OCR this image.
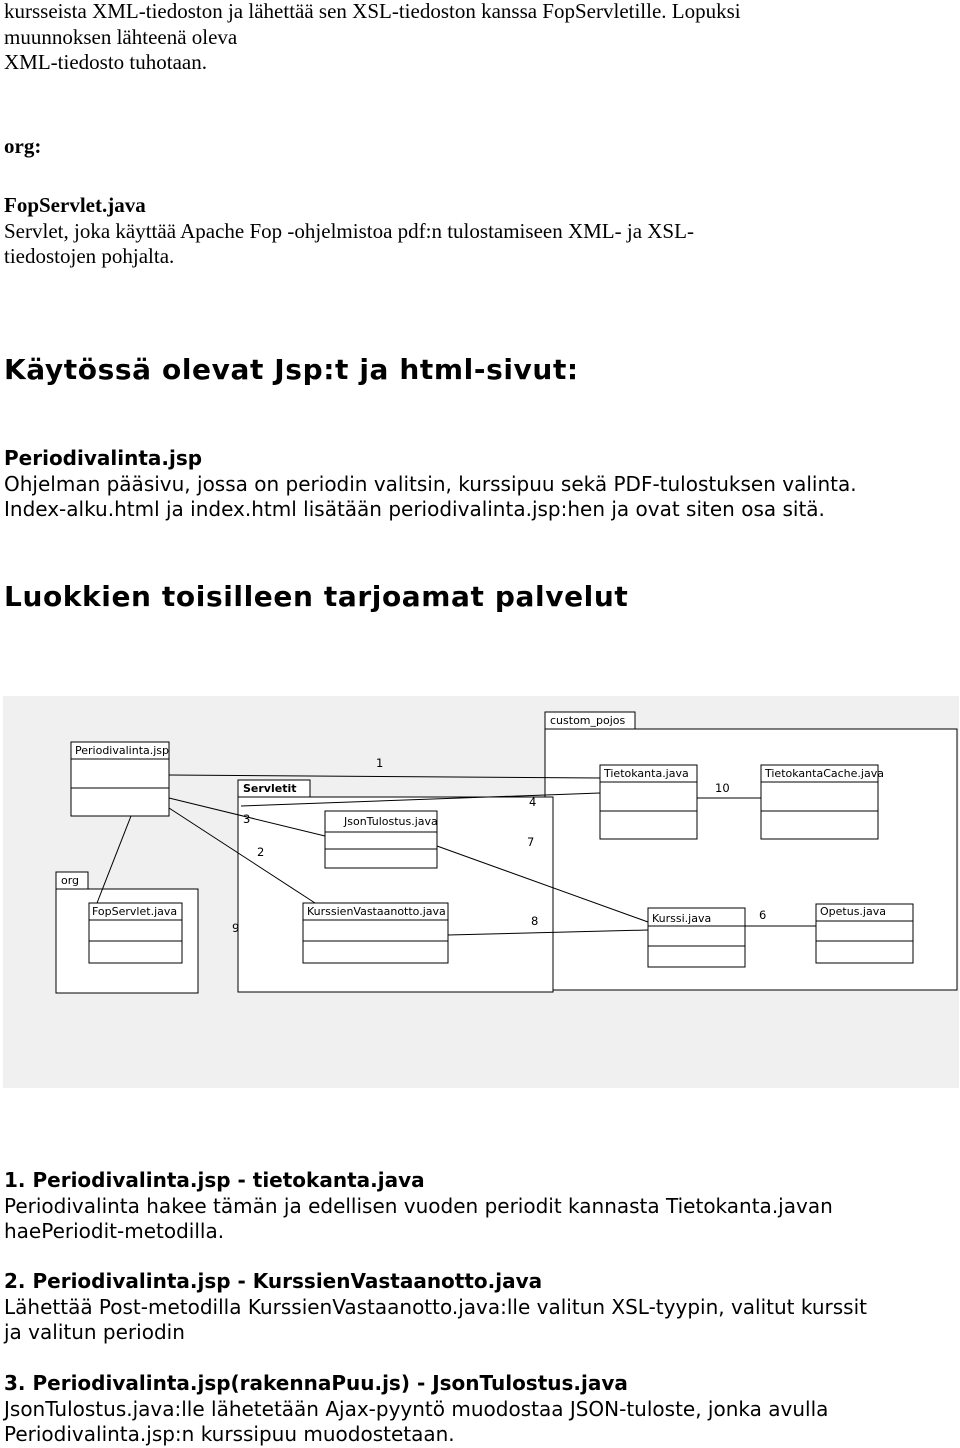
kursseista XML-tiedoston ja lähettää sen XSL-tiedoston kanssa FopServletille. Lopuksi
muunnoksen lähteenä oleva
XML-tiedosto tuhotaan.
org:
FopServlet.java
Servlet, joka käyttää Apache Fop -ohjelmistoa pdf:n tulostamiseen XML- ja XSL-
tiedostojen pohjalta.
Käytössä olevat Jsp:t ja html-sivut:
Periodivalinta.jsp
Ohjelman pääsivu, jossa on periodin valitsin, kurssipuu sekä PDF-tulostuksen valinta.
Index-alku.html ja index.html lisätään periodivalinta.jsp:hen ja ovat siten osa sitä.
Luokkien toisilleen tarjoamat palvelut
custom_pojos
Servletit
org
Periodivalinta.jsp
Tietokanta.java	TietokantaCache.java
JsonTulostus.java
FopServlet.java	KurssienVastaanotto.java
Kurssi.java
Opetus.java
1
2
3
4
6
7
8
9
10
1. Periodivalinta.jsp - tietokanta.java
Periodivalinta hakee tämän ja edellisen vuoden periodit kannasta Tietokanta.javan
haePeriodit-metodilla.
2. Periodivalinta.jsp - KurssienVastaanotto.java
Lähettää Post-metodilla KurssienVastaanotto.java:lle valitun XSL-tyypin, valitut kurssit
ja valitun periodin
3. Periodivalinta.jsp(rakennaPuu.js) - JsonTulostus.java
JsonTulostus.java:lle lähetetään Ajax-pyyntö muodostaa JSON-tuloste, jonka avulla
Periodivalinta.jsp:n kurssipuu muodostetaan.
